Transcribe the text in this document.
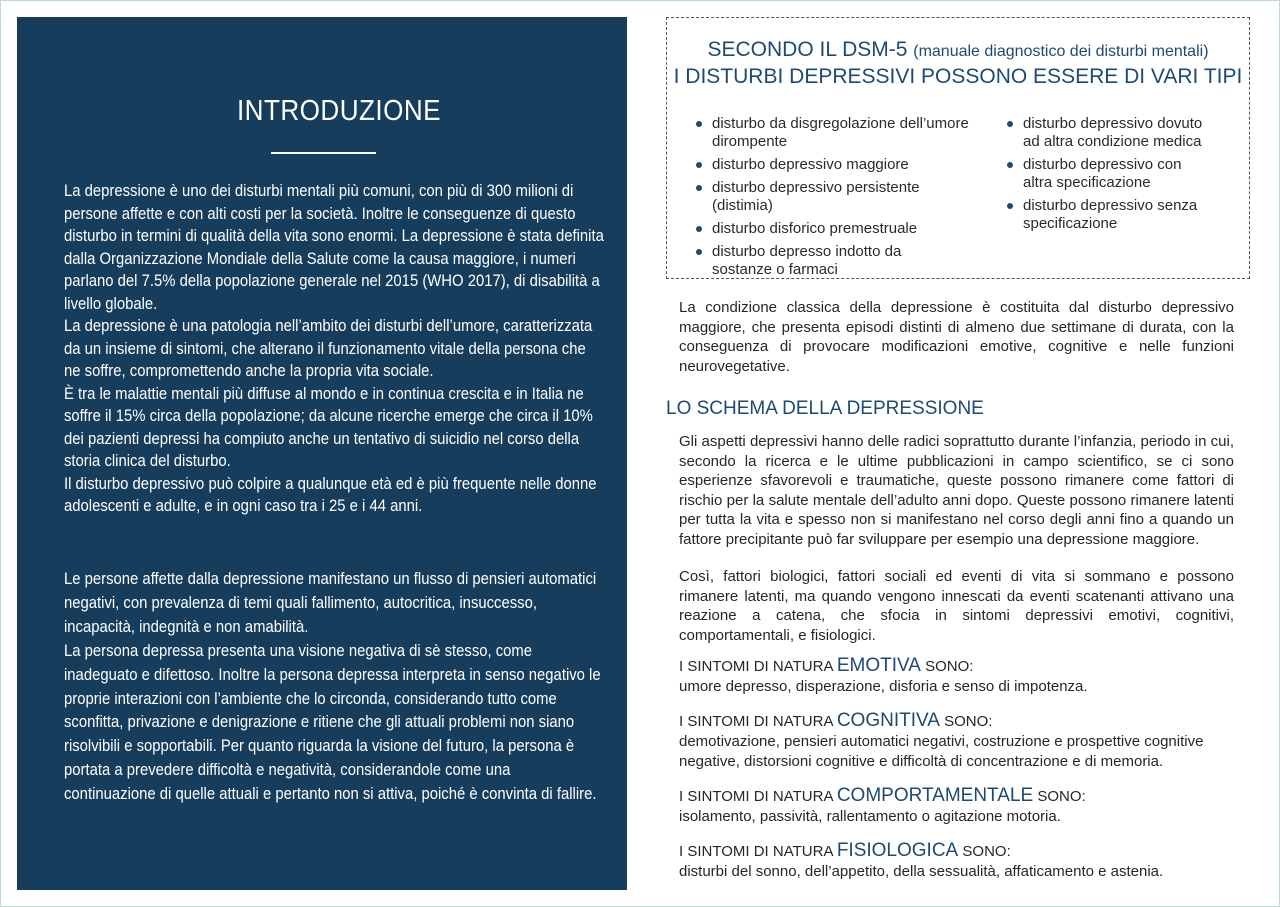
INTRODUZIONE

La depressione è uno dei disturbi mentali più comuni, con più di 300 milioni di persone affette e con alti costi per la società. Inoltre le conseguenze di questo disturbo in termini di qualità della vita sono enormi. La depressione è stata definita dalla Organizzazione Mondiale della Salute come la causa maggiore, i numeri parlano del 7.5% della popolazione generale nel 2015 (WHO 2017), di disabilità a livello globale.

La depressione è una patologia nell’ambito dei disturbi dell’umore, caratterizzata da un insieme di sintomi, che alterano il funzionamento vitale della persona che ne soffre, compromettendo anche la propria vita sociale.

È tra le malattie mentali più diffuse al mondo e in continua crescita e in Italia ne soffre il 15% circa della popolazione; da alcune ricerche emerge che circa il 10% dei pazienti depressi ha compiuto anche un tentativo di suicidio nel corso della storia clinica del disturbo.

Il disturbo depressivo può colpire a qualunque età ed è più frequente nelle donne adolescenti e adulte, e in ogni caso tra i 25 e i 44 anni.

Le persone affette dalla depressione manifestano un flusso di pensieri automatici negativi, con prevalenza di temi quali fallimento, autocritica, insuccesso, incapacità, indegnità e non amabilità.

La persona depressa presenta una visione negativa di sè stesso, come inadeguato e difettoso. Inoltre la persona depressa interpreta in senso negativo le proprie interazioni con l’ambiente che lo circonda, considerando tutto come sconfitta, privazione e denigrazione e ritiene che gli attuali problemi non siano risolvibili e sopportabili. Per quanto riguarda la visione del futuro, la persona è portata a prevedere difficoltà e negatività, considerandole come una continuazione di quelle attuali e pertanto non si attiva, poiché è convinta di fallire.

SECONDO IL DSM-5 (manuale diagnostico dei disturbi mentali)
I DISTURBI DEPRESSIVI POSSONO ESSERE DI VARI TIPI
disturbo da disgregolazione dell’umore dirompente
disturbo depressivo maggiore
disturbo depressivo persistente (distimia)
disturbo disforico premestruale
disturbo depresso indotto da sostanze o farmaci
disturbo depressivo dovuto ad altra condizione medica
disturbo depressivo con altra specificazione
disturbo depressivo senza specificazione

La condizione classica della depressione è costituita dal disturbo depressivo maggiore, che presenta episodi distinti di almeno due settimane di durata, con la conseguenza di provocare modificazioni emotive, cognitive e nelle funzioni neurovegetative.

LO SCHEMA DELLA DEPRESSIONE

Gli aspetti depressivi hanno delle radici soprattutto durante l’infanzia, periodo in cui, secondo la ricerca e le ultime pubblicazioni in campo scientifico, se ci sono esperienze sfavorevoli e traumatiche, queste possono rimanere come fattori di rischio per la salute mentale dell’adulto anni dopo. Queste possono rimanere latenti per tutta la vita e spesso non si manifestano nel corso degli anni fino a quando un fattore precipitante può far sviluppare per esempio una depressione maggiore.

Così, fattori biologici, fattori sociali ed eventi di vita si sommano e possono rimanere latenti, ma quando vengono innescati da eventi scatenanti attivano una reazione a catena, che sfocia in sintomi depressivi emotivi, cognitivi, comportamentali, e fisiologici.

I SINTOMI DI NATURA EMOTIVA SONO:
umore depresso, disperazione, disforia e senso di impotenza.
I SINTOMI DI NATURA COGNITIVA SONO:
demotivazione, pensieri automatici negativi, costruzione e prospettive cognitive negative, distorsioni cognitive e difficoltà di concentrazione e di memoria.
I SINTOMI DI NATURA COMPORTAMENTALE SONO:
isolamento, passività, rallentamento o agitazione motoria.
I SINTOMI DI NATURA FISIOLOGICA SONO:
disturbi del sonno, dell’appetito, della sessualità, affaticamento e astenia.
